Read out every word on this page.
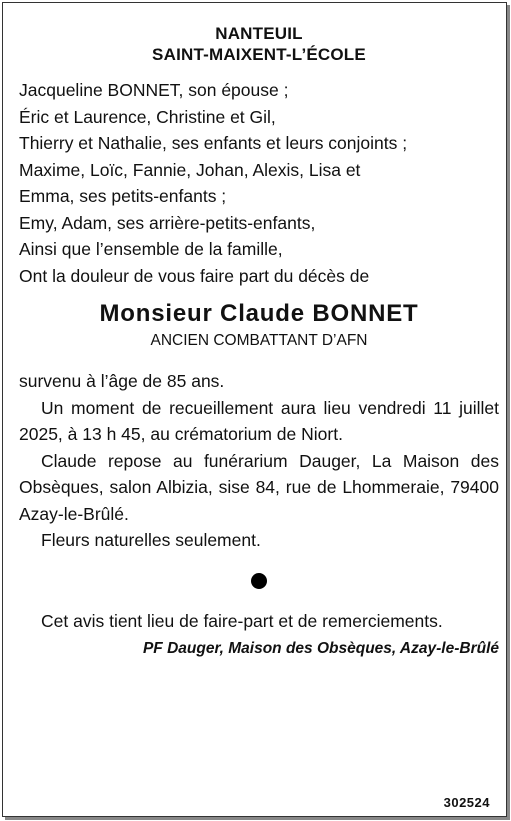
NANTEUIL
SAINT-MAIXENT-L’ÉCOLE
Jacqueline BONNET, son épouse ;
Éric et Laurence, Christine et Gil,
Thierry et Nathalie, ses enfants et leurs conjoints ;
Maxime, Loïc, Fannie, Johan, Alexis, Lisa et
Emma, ses petits-enfants ;
Emy, Adam, ses arrière-petits-enfants,
Ainsi que l’ensemble de la famille,
Ont la douleur de vous faire part du décès de
Monsieur Claude BONNET
ANCIEN COMBATTANT D’AFN

survenu à l’âge de 85 ans.

Un moment de recueillement aura lieu vendredi 11 juillet 2025, à 13 h 45, au crématorium de Niort.

Claude repose au funérarium Dauger, La Maison des Obsèques, salon Albizia, sise 84, rue de Lhommeraie, 79400 Azay-le-Brûlé.

Fleurs naturelles seulement.

Cet avis tient lieu de faire-part et de remerciements.

PF Dauger, Maison des Obsèques, Azay-le-Brûlé
302524
